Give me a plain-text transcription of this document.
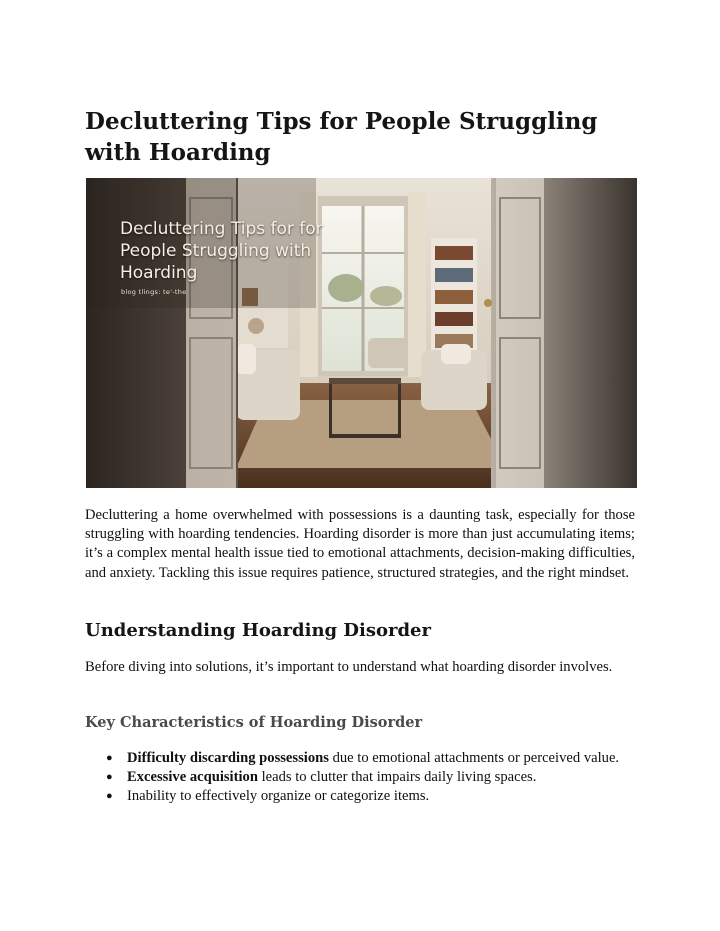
Decluttering Tips for People Struggling with Hoarding
Decluttering Tips for for People Struggling with Hoarding
blog tlings: te'-the

Decluttering a home overwhelmed with possessions is a daunting task, especially for those struggling with hoarding tendencies. Hoarding disorder is more than just accumulating items; it’s a complex mental health issue tied to emotional attachments, decision-making difficulties, and anxiety. Tackling this issue requires patience, structured strategies, and the right mindset.

Understanding Hoarding Disorder

Before diving into solutions, it’s important to understand what hoarding disorder involves.

Key Characteristics of Hoarding Disorder
● Difficulty discarding possessions due to emotional attachments or perceived value.
● Excessive acquisition leads to clutter that impairs daily living spaces.
● Inability to effectively organize or categorize items.
